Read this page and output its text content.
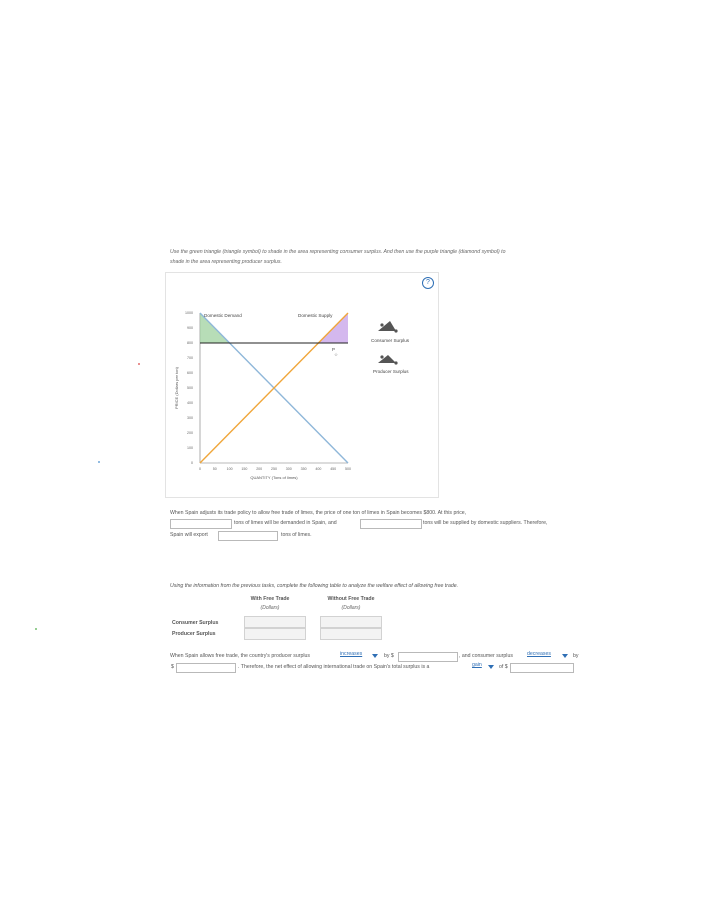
Use the green triangle (triangle symbol) to shade in the area representing consumer surplus. And then use the purple triangle (diamond symbol) to
shade in the area representing producer surplus.
?
Domestic Demand	Domestic Supply
P
☆
1000
900
800
700
600
500
400
300
200
100
0
0	50	100 150 200 250 300 350 400 450 500
QUANTITY (Tons of limes)
PRICE (Dollars per ton)
Consumer Surplus
Producer Surplus
When Spain adjusts its trade policy to allow free trade of limes, the price of one ton of limes in Spain becomes $800. At this price,
tons of limes will be demanded in Spain, and	tons will be supplied by domestic suppliers. Therefore,
Spain will export	tons of limes.
Using the information from the previous tasks, complete the following table to analyze the welfare effect of allowing free trade.
With Free Trade
(Dollars)
Without Free Trade
(Dollars)
Consumer Surplus
Producer Surplus
When Spain allows free trade, the country's producer surplus	increases	by $	, and consumer surplus	decreases	by
$	. Therefore, the net effect of allowing international trade on Spain's total surplus is a	gain	of $
